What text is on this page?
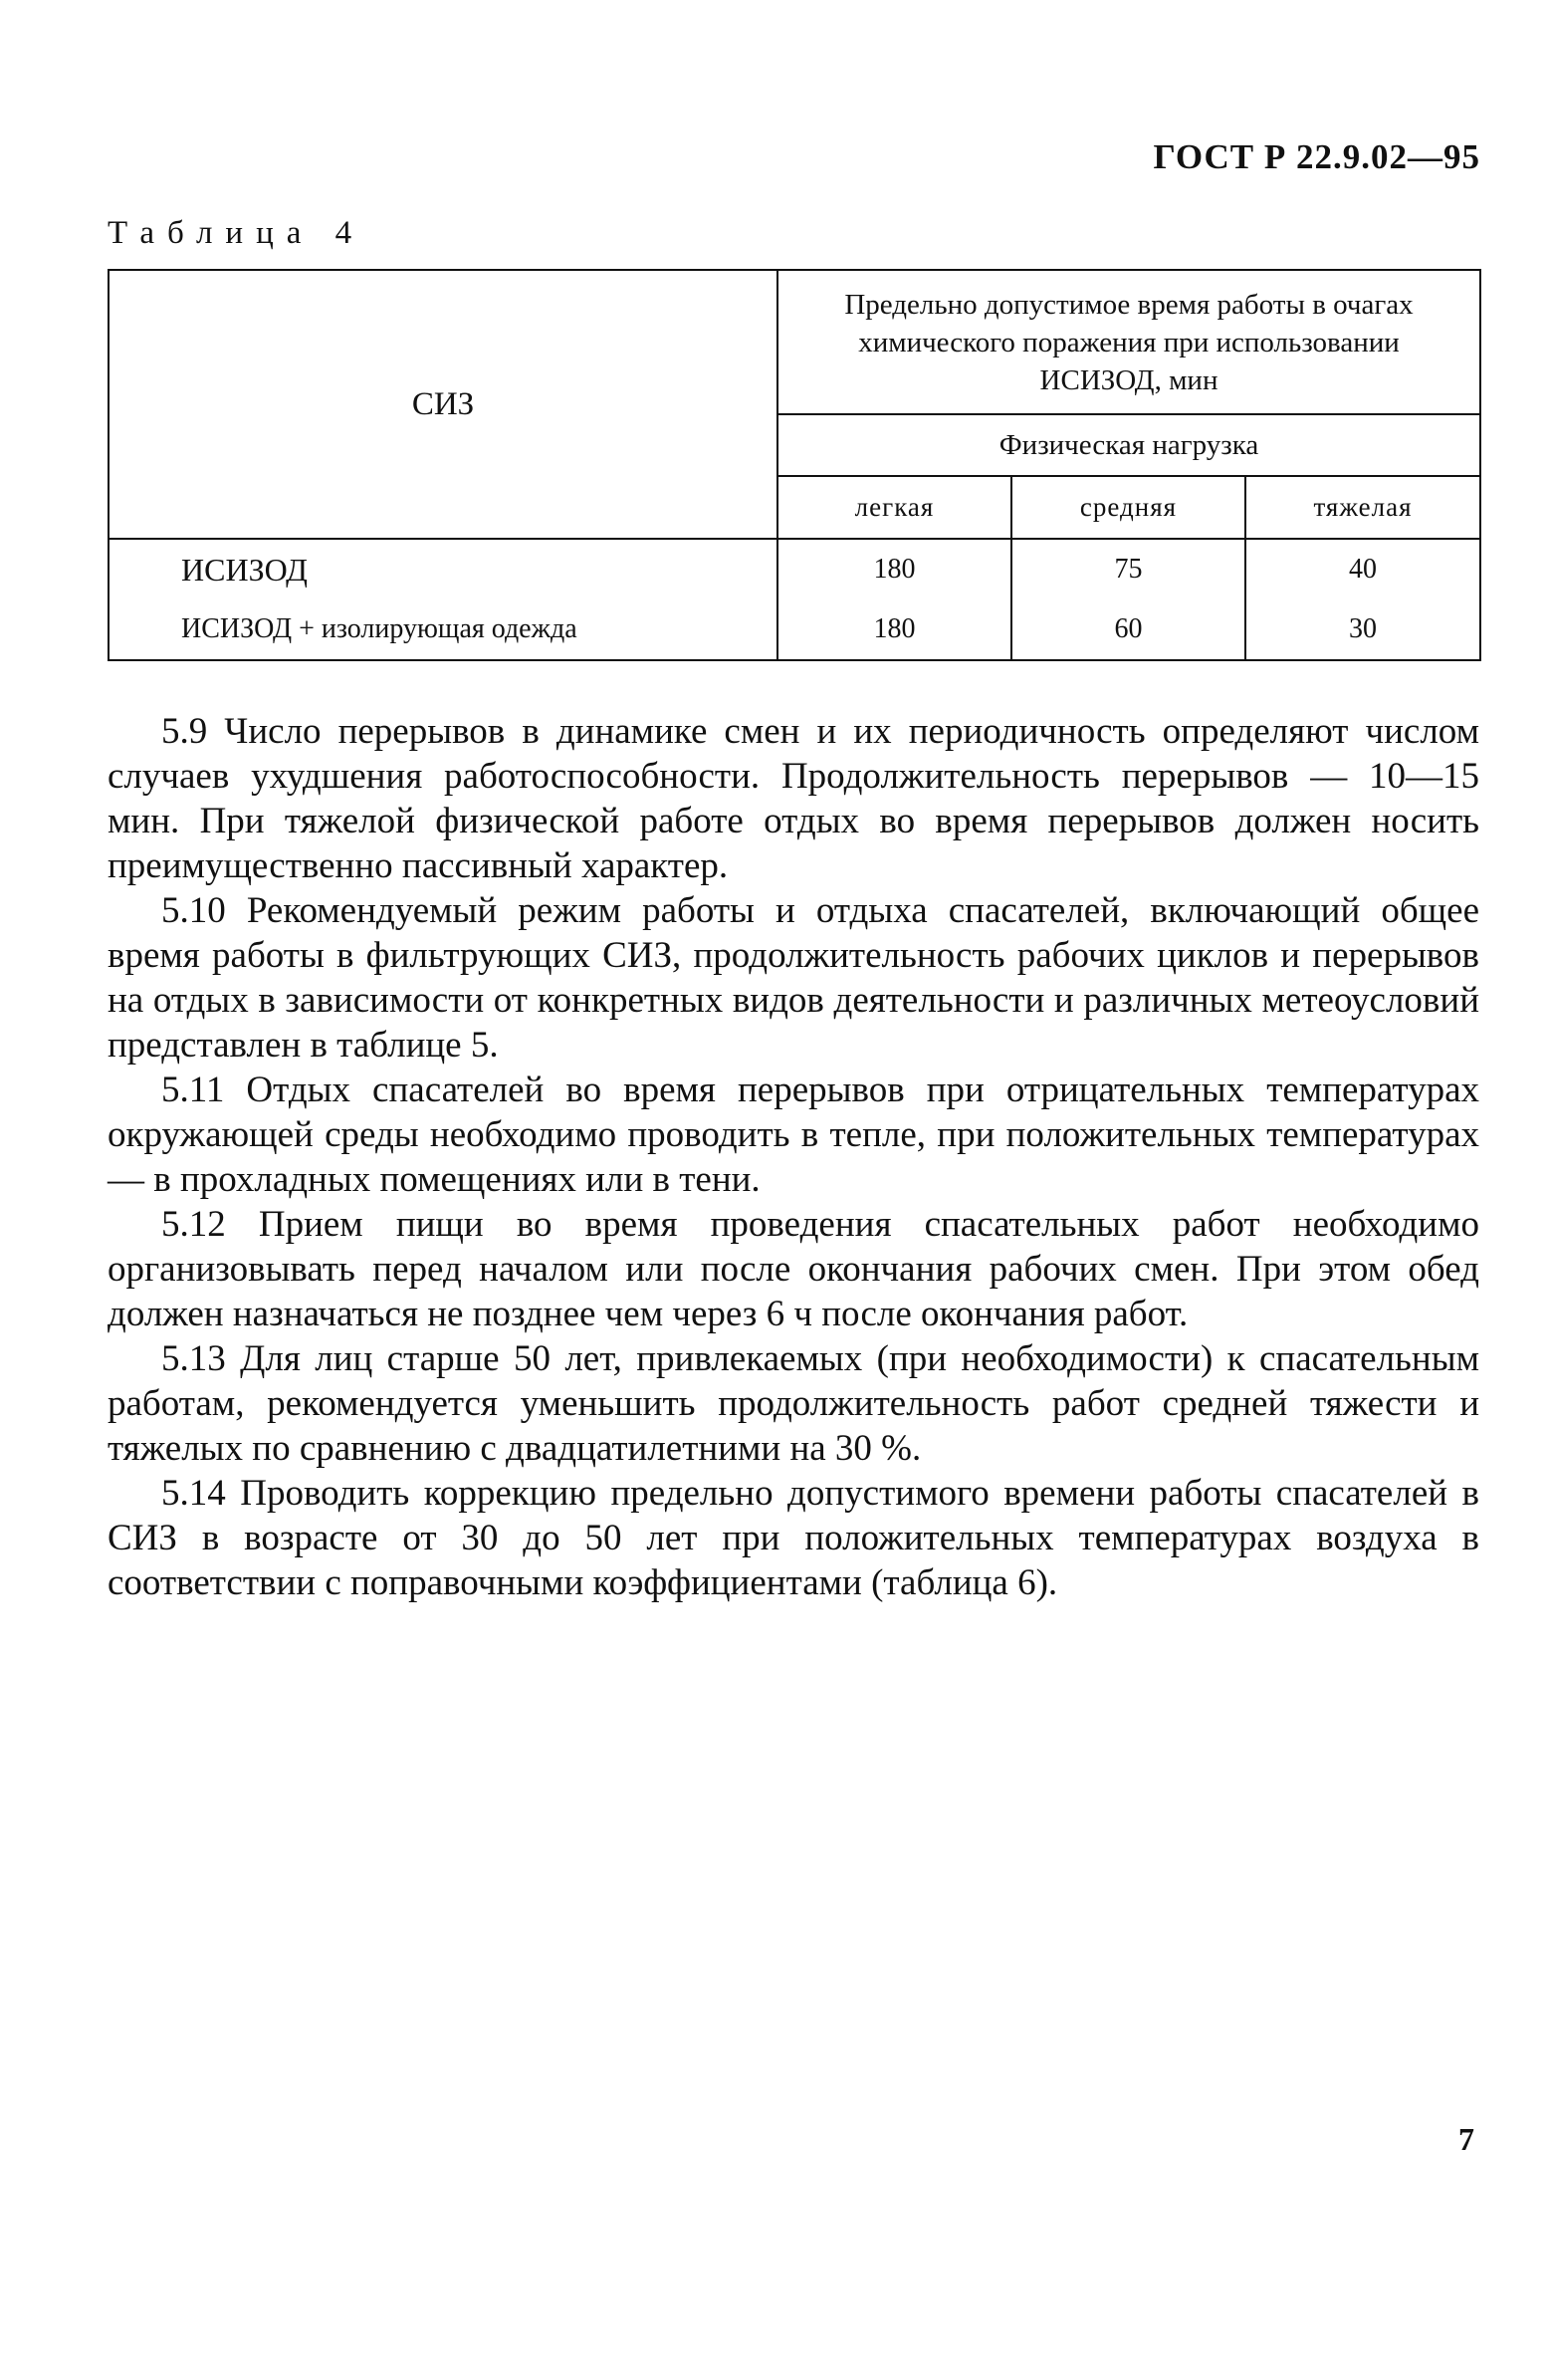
ГОСТ Р 22.9.02—95
Таблица 4
СИЗ	Предельно допустимое время работы в очагах химического поражения при использовании ИСИЗОД, мин		
	Физическая нагрузка		
	легкая	средняя	тяжелая
ИСИЗОД	180	75	40
ИСИЗОД + изолирующая одежда	180	60	30

5.9 Число перерывов в динамике смен и их периодичность определяют числом случаев ухудшения работоспособности. Продолжительность перерывов — 10—15 мин. При тяжелой физической работе отдых во время перерывов должен носить преимущественно пассивный характер.

5.10 Рекомендуемый режим работы и отдыха спасателей, включающий общее время работы в фильтрующих СИЗ, продолжительность рабочих циклов и перерывов на отдых в зависимости от конкретных видов деятельности и различных метеоусловий представлен в таблице 5.

5.11 Отдых спасателей во время перерывов при отрицательных температурах окружающей среды необходимо проводить в тепле, при положительных температурах — в прохладных помещениях или в тени.

5.12 Прием пищи во время проведения спасательных работ необходимо организовывать перед началом или после окончания рабочих смен. При этом обед должен назначаться не позднее чем через 6 ч после окончания работ.

5.13 Для лиц старше 50 лет, привлекаемых (при необходимости) к спасательным работам, рекомендуется уменьшить продолжительность работ средней тяжести и тяжелых по сравнению с двадцатилетними на 30 %.

5.14 Проводить коррекцию предельно допустимого времени работы спасателей в СИЗ в возрасте от 30 до 50 лет при положительных температурах воздуха в соответствии с поправочными коэффициентами (таблица 6).

7
